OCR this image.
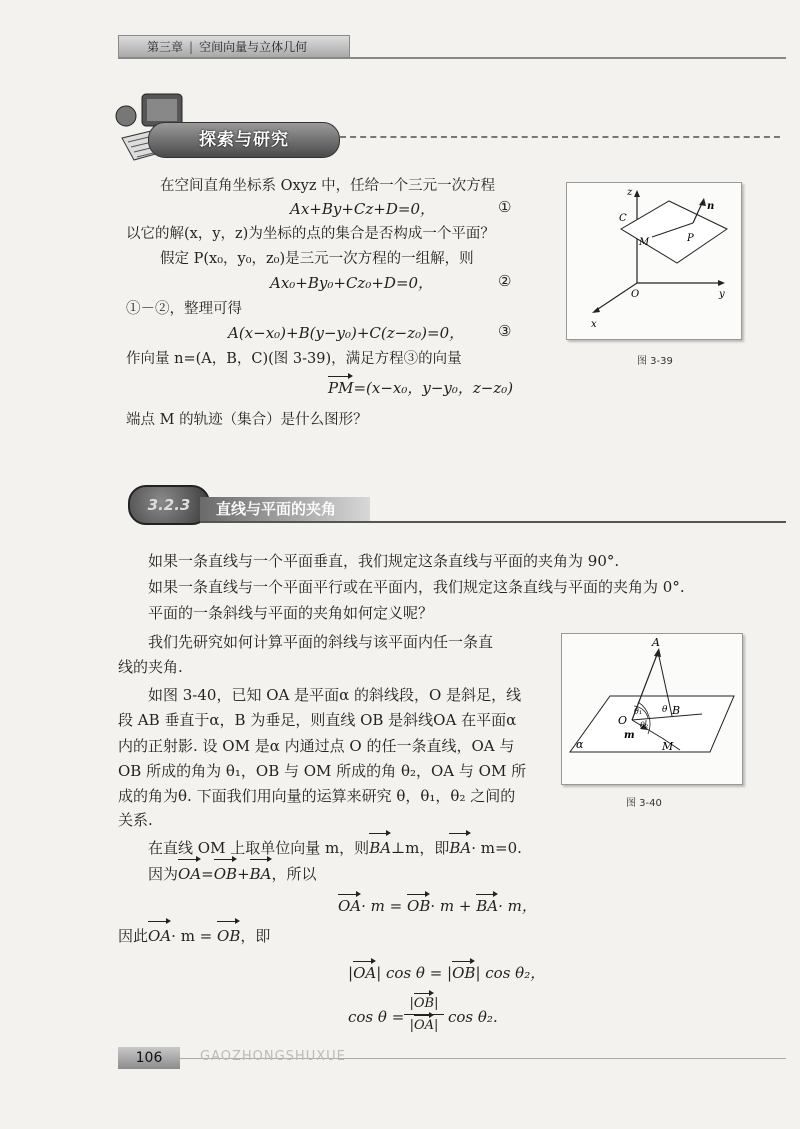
第三章 | 空间向量与立体几何
探索与研究
在空间直角坐标系 Oxyz 中，任给一个三元一次方程
Ax+By+Cz+D=0，	①
以它的解(x，y，z)为坐标的点的集合是否构成一个平面？
假定 P(x₀，y₀，z₀)是三元一次方程的一组解，则
Ax₀+By₀+Cz₀+D=0，	②
①－②，整理可得
A(x−x₀)+B(y−y₀)+C(z−z₀)=0， ③
作向量 n=(A，B，C)(图 3-39)，满足方程③的向量
PM=(x−x₀，y−y₀，z−z₀)
端点 M 的轨迹（集合）是什么图形？
z
C
n
M	P
O	y
x
图 3-39
3.2.3	直线与平面的夹角
如果一条直线与一个平面垂直，我们规定这条直线与平面的夹角为 90°.
如果一条直线与一个平面平行或在平面内，我们规定这条直线与平面的夹角为 0°.
平面的一条斜线与平面的夹角如何定义呢？
我们先研究如何计算平面的斜线与该平面内任一条直
线的夹角.
如图 3-40，已知 OA 是平面α 的斜线段，O 是斜足，线
段 AB 垂直于α，B 为垂足，则直线 OB 是斜线OA 在平面α
内的正射影. 设 OM 是α 内通过点 O 的任一条直线，OA 与
OB 所成的角为 θ₁，OB 与 OM 所成的角 θ₂，OA 与 OM 所
成的角为θ. 下面我们用向量的运算来研究 θ，θ₁，θ₂ 之间的
关系.
在直线 OM 上取单位向量 m，则BA⊥m，即BA· m=0.
因为OA=OB+BA，所以
OA· m = OB· m + BA· m，
因此OA· m = OB，即
|OA| cos θ = |OB| cos θ₂，
cos θ =
|OB|
|OA| cos θ₂.
A
O
B
θ
θ₁
θ₂
m
M
α
图 3-40
106	GAOZHONGSHUXUE
